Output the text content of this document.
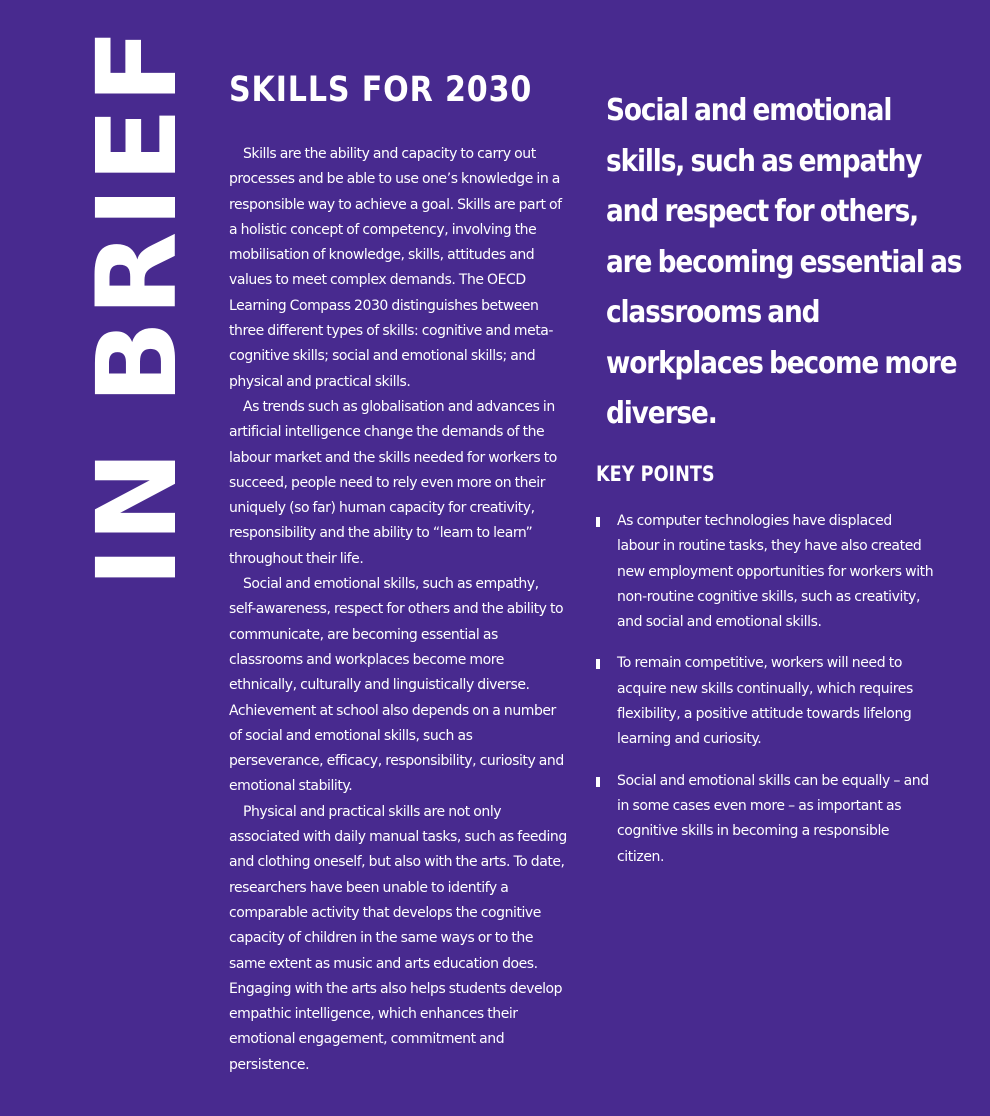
IN BRIEF SKILLS FOR 2030

Skills are the ability and capacity to carry out processes and be able to use one’s knowledge in a responsible way to achieve a goal. Skills are part of a holistic concept of competency, involving the mobilisation of knowledge, skills, attitudes and values to meet complex demands. The OECD Learning Compass 2030 distinguishes between three different types of skills: cognitive and meta-cognitive skills; social and emotional skills; and physical and practical skills.

As trends such as globalisation and advances in artificial intelligence change the demands of the labour market and the skills needed for workers to succeed, people need to rely even more on their uniquely (so far) human capacity for creativity, responsibility and the ability to “learn to learn” throughout their life.

Social and emotional skills, such as empathy, self-awareness, respect for others and the ability to communicate, are becoming essential as classrooms and workplaces become more ethnically, culturally and linguistically diverse. Achievement at school also depends on a number of social and emotional skills, such as perseverance, efficacy, responsibility, curiosity and emotional stability.

Physical and practical skills are not only associated with daily manual tasks, such as feeding and clothing oneself, but also with the arts. To date, researchers have been unable to identify a comparable activity that develops the cognitive capacity of children in the same ways or to the same extent as music and arts education does. Engaging with the arts also helps students develop empathic intelligence, which enhances their emotional engagement, commitment and persistence.

Social and emotional skills, such as empathy and respect for others, are becoming essential as classrooms and workplaces become more diverse.
KEY POINTS
As computer technologies have displaced labour in routine tasks, they have also created new employment opportunities for workers with non-routine cognitive skills, such as creativity, and social and emotional skills.
To remain competitive, workers will need to acquire new skills continually, which requires flexibility, a positive attitude towards lifelong learning and curiosity.
Social and emotional skills can be equally – and in some cases even more – as important as cognitive skills in becoming a responsible citizen.
